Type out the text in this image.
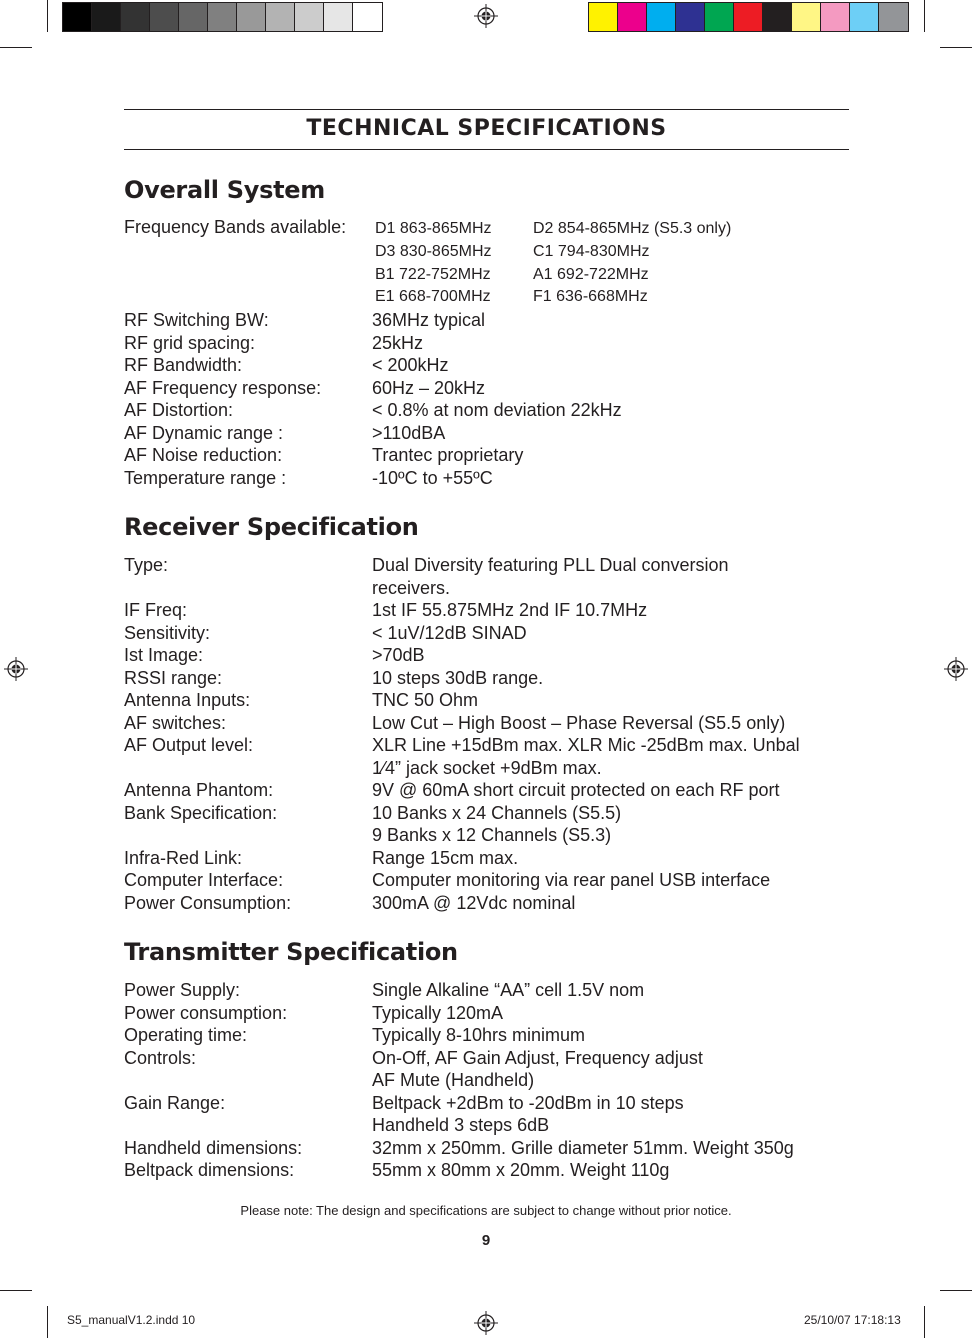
TECHNICAL SPECIFICATIONS
Overall System
Frequency Bands available: D1 863-865MHz	D2 854-865MHz (S5.3 only)
D3 830-865MHz	C1 794-830MHz
B1 722-752MHz	A1 692-722MHz
E1 668-700MHz	F1 636-668MHz
RF Switching BW:	36MHz typical
RF grid spacing:	25kHz
RF Bandwidth:	< 200kHz
AF Frequency response:	60Hz – 20kHz
AF Distortion:	< 0.8% at nom deviation 22kHz
AF Dynamic range :	>110dBA
AF Noise reduction:	Trantec proprietary
Temperature range :	-10ºC to +55ºC
Receiver Specification
Type:	Dual Diversity featuring PLL Dual conversion
receivers.
IF Freq:	1st IF 55.875MHz 2nd IF 10.7MHz
Sensitivity:	< 1uV/12dB SINAD
Ist Image:	>70dB
RSSI range:	10 steps 30dB range.
Antenna Inputs:	TNC 50 Ohm
AF switches:	Low Cut – High Boost – Phase Reversal (S5.5 only)
AF Output level:	XLR Line +15dBm max. XLR Mic -25dBm max. Unbal
1⁄4” jack socket +9dBm max.
Antenna Phantom:	9V @ 60mA short circuit protected on each RF port
Bank Specification:	10 Banks x 24 Channels (S5.5)
9 Banks x 12 Channels (S5.3)
Infra-Red Link:	Range 15cm max.
Computer Interface:	Computer monitoring via rear panel USB interface
Power Consumption:	300mA @ 12Vdc nominal
Transmitter Specification
Power Supply:	Single Alkaline “AA” cell 1.5V nom
Power consumption:	Typically 120mA
Operating time:	Typically 8-10hrs minimum
Controls:	On-Off, AF Gain Adjust, Frequency adjust
AF Mute (Handheld)
Gain Range:	Beltpack +2dBm to -20dBm in 10 steps
Handheld 3 steps 6dB
Handheld dimensions:	32mm x 250mm. Grille diameter 51mm. Weight 350g
Beltpack dimensions:	55mm x 80mm x 20mm. Weight 110g
Please note: The design and specifications are subject to change without prior notice.
9
S5_manualV1.2.indd 10	25/10/07 17:18:13
